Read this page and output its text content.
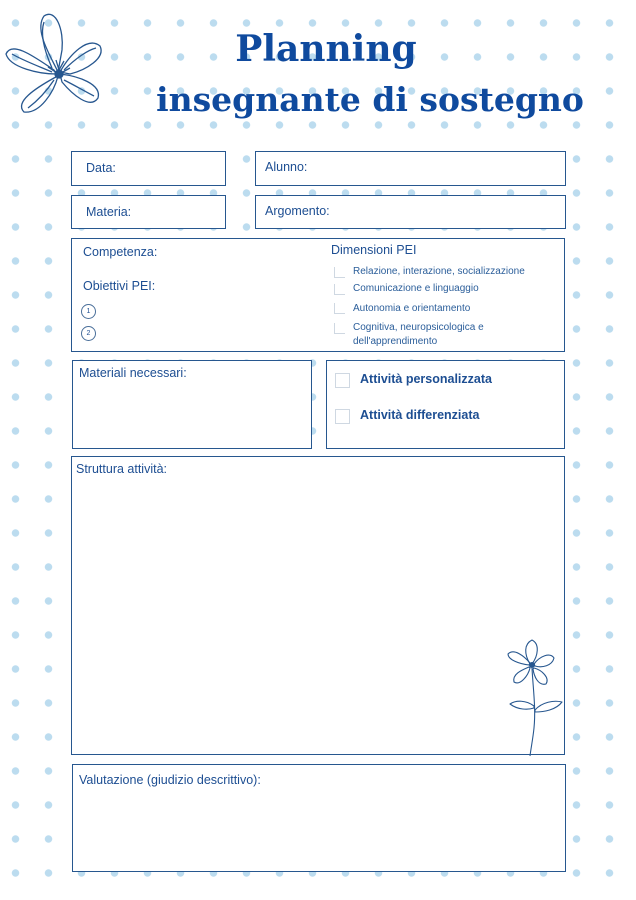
Planning
insegnante di sostegno
Data:	Alunno:
Materia:	Argomento:
Competenza:
Obiettivi PEI:
1
2
Dimensioni PEI
Relazione, interazione, socializzazione
Comunicazione e linguaggio
Autonomia e orientamento
Cognitiva, neuropsicologica e dell'apprendimento
Materiali necessari:	Attività personalizzata
Attività differenziata
Struttura attività:
Valutazione (giudizio descrittivo):
